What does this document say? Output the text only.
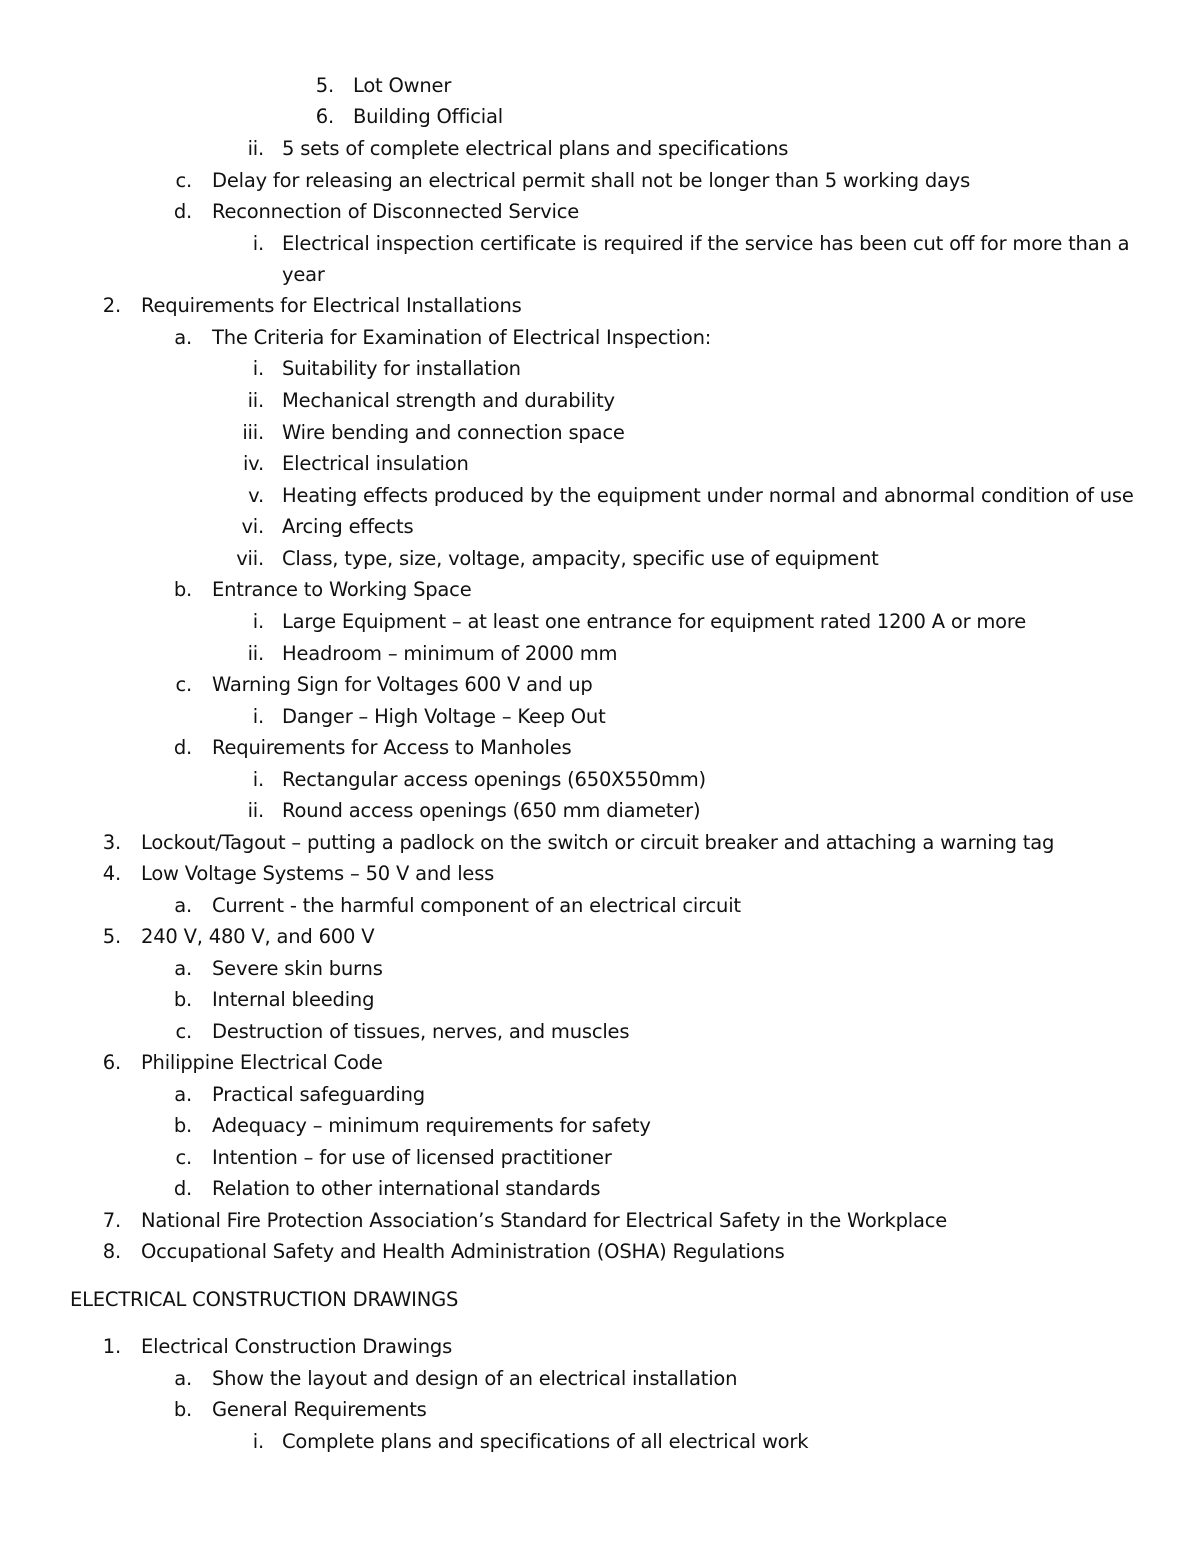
5. Lot Owner
6. Building Official
ii. 5 sets of complete electrical plans and specifications
c. Delay for releasing an electrical permit shall not be longer than 5 working days
d. Reconnection of Disconnected Service
i. Electrical inspection certificate is required if the service has been cut off for more than a
year
2. Requirements for Electrical Installations
a. The Criteria for Examination of Electrical Inspection:
i. Suitability for installation
ii. Mechanical strength and durability
iii. Wire bending and connection space
iv. Electrical insulation
v. Heating effects produced by the equipment under normal and abnormal condition of use
vi. Arcing effects
vii. Class, type, size, voltage, ampacity, specific use of equipment
b. Entrance to Working Space
i. Large Equipment – at least one entrance for equipment rated 1200 A or more
ii. Headroom – minimum of 2000 mm
c. Warning Sign for Voltages 600 V and up
i. Danger – High Voltage – Keep Out
d. Requirements for Access to Manholes
i. Rectangular access openings (650X550mm)
ii. Round access openings (650 mm diameter)
3. Lockout/Tagout – putting a padlock on the switch or circuit breaker and attaching a warning tag
4. Low Voltage Systems – 50 V and less
a. Current - the harmful component of an electrical circuit
5. 240 V, 480 V, and 600 V
a. Severe skin burns
b. Internal bleeding
c. Destruction of tissues, nerves, and muscles
6. Philippine Electrical Code
a. Practical safeguarding
b. Adequacy – minimum requirements for safety
c. Intention – for use of licensed practitioner
d. Relation to other international standards
7. National Fire Protection Association’s Standard for Electrical Safety in the Workplace
8. Occupational Safety and Health Administration (OSHA) Regulations
ELECTRICAL CONSTRUCTION DRAWINGS
1. Electrical Construction Drawings
a. Show the layout and design of an electrical installation
b. General Requirements
i. Complete plans and specifications of all electrical work
